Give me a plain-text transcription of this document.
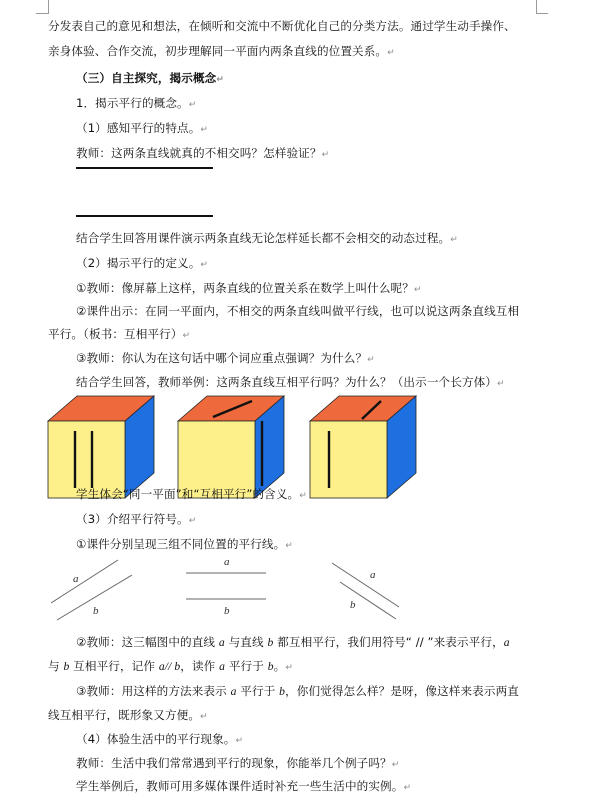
分发表自己的意见和想法，在倾听和交流中不断优化自己的分类方法。通过学生动手操作、
亲身体验、合作交流，初步理解同一平面内两条直线的位置关系。↵
（三）自主探究，揭示概念↵
1．揭示平行的概念。↵
（1）感知平行的特点。↵
教师：这两条直线就真的不相交吗？怎样验证？↵
a
b
a
b
a
b
结合学生回答用课件演示两条直线无论怎样延长都不会相交的动态过程。↵
（2）揭示平行的定义。↵
①教师：像屏幕上这样，两条直线的位置关系在数学上叫什么呢？↵
②课件出示：在同一平面内，不相交的两条直线叫做平行线，也可以说这两条直线互相
平行。（板书：互相平行）↵
③教师：你认为在这句话中哪个词应重点强调？为什么？↵
结合学生回答，教师举例：这两条直线互相平行吗？为什么？（出示一个长方体）↵
学生体会“同一平面”和“互相平行”的含义。↵
（3）介绍平行符号。↵
①课件分别呈现三组不同位置的平行线。↵
②教师：这三幅图中的直线 a 与直线 b 都互相平行，我们用符号“ // ”来表示平行，a
与 b 互相平行，记作 a// b，读作 a 平行于 b。↵
③教师：用这样的方法来表示 a 平行于 b，你们觉得怎么样？是呀，像这样来表示两直
线互相平行，既形象又方便。↵
（4）体验生活中的平行现象。↵
教师：生活中我们常常遇到平行的现象，你能举几个例子吗？↵
学生举例后，教师可用多媒体课件适时补充一些生活中的实例。↵
